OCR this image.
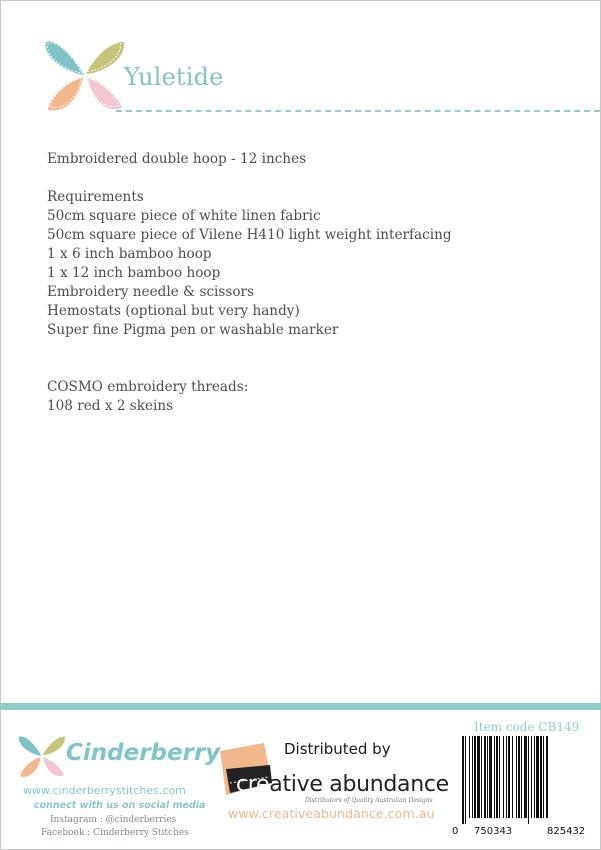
Yuletide
Embroidered double hoop - 12 inches
Requirements
50cm square piece of white linen fabric
50cm square piece of Vilene H410 light weight interfacing
1 x 6 inch bamboo hoop
1 x 12 inch bamboo hoop
Embroidery needle & scissors
Hemostats (optional but very handy)
Super fine Pigma pen or washable marker
COSMO embroidery threads:
108 red x 2 skeins
Cinderberry
www.cinderberrystitches.com
connect with us on social media
Instagram : @cinderberries
Facebook : Cinderberry Stitches
Distributed by
creative abundance
Distributors of Quality Australian Designs
www.creativeabundance.com.au
Item code CB149
0 750343	825432
